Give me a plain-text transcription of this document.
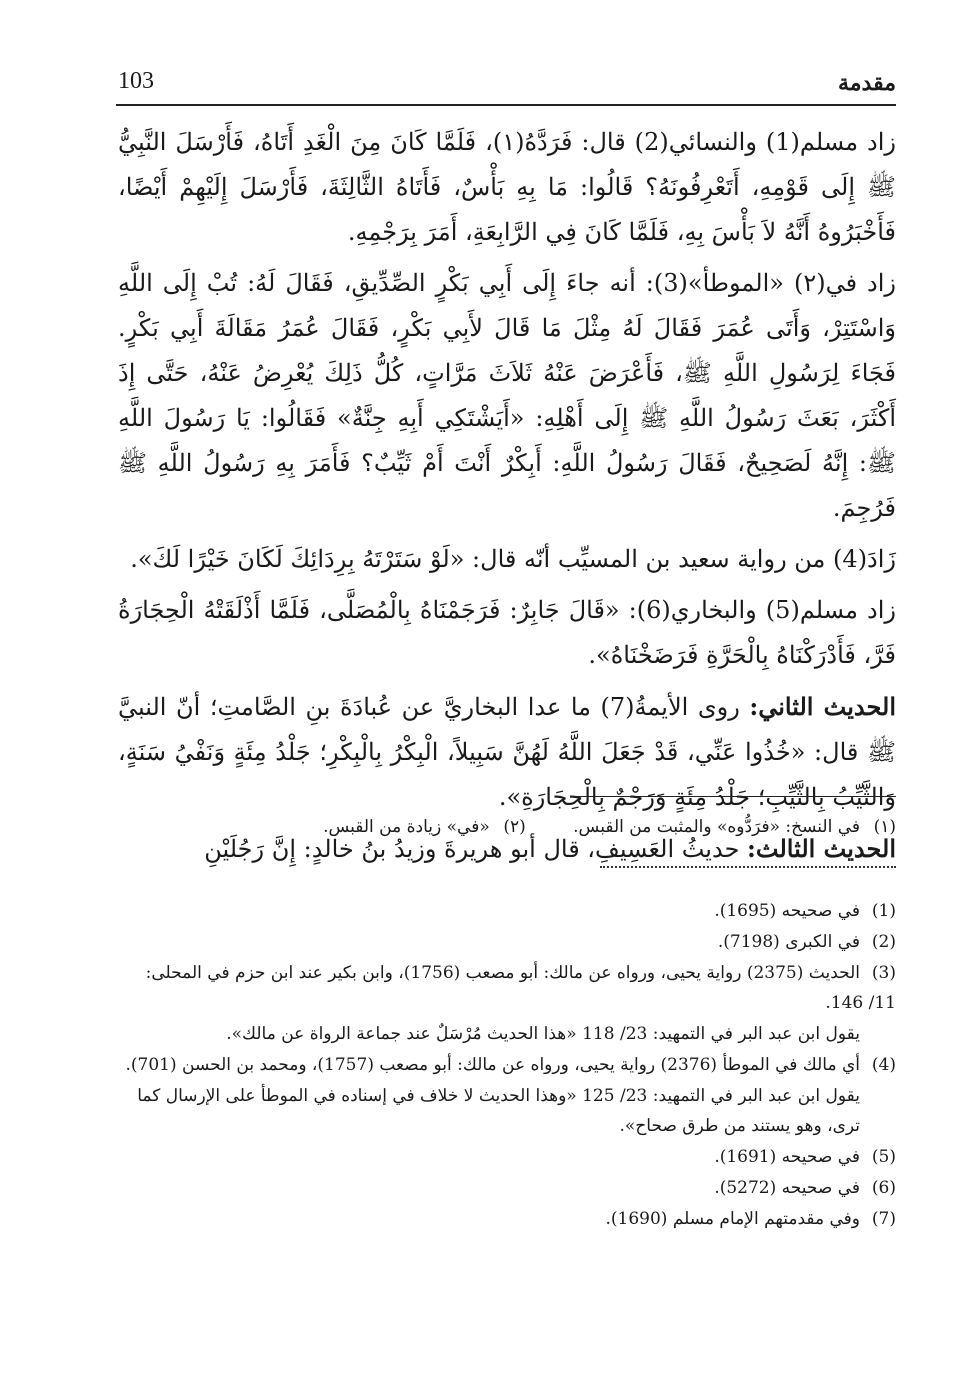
مقدمة
103

زاد مسلم(1) والنسائي(2) قال: فَرَدَّهُ(١)، فَلَمَّا كَانَ مِنَ الْغَدِ أَتَاهُ، فَأَرْسَلَ النَّبِيُّ ﷺ إِلَى قَوْمِهِ، أَتَعْرِفُونَهُ؟ قَالُوا: مَا بِهِ بَأْسٌ، فَأَتَاهُ الثَّالِثَةَ، فَأَرْسَلَ إِلَيْهِمْ أَيْضًا، فَأَخْبَرُوهُ أَنَّهُ لاَ بَأْسَ بِهِ، فَلَمَّا كَانَ فِي الرَّابِعَةِ، أَمَرَ بِرَجْمِهِ.

زاد في(٢) «الموطأ»(3): أنه جاءَ إِلَى أَبِي بَكْرٍ الصِّدِّيقِ، فَقَالَ لَهُ: تُبْ إِلَى اللَّهِ وَاسْتَتِرْ، وَأَتَى عُمَرَ فَقَالَ لَهُ مِثْلَ مَا قَالَ لأَبِي بَكْرٍ، فَقَالَ عُمَرُ مَقَالَةَ أَبِي بَكْرٍ. فَجَاءَ لِرَسُولِ اللَّهِ ﷺ، فَأَعْرَضَ عَنْهُ ثَلاَثَ مَرَّاتٍ، كُلُّ ذَلِكَ يُعْرِضُ عَنْهُ، حَتَّى إِذَ أَكْثَرَ، بَعَثَ رَسُولُ اللَّهِ ﷺ إِلَى أَهْلِهِ: «أَيَشْتَكِي أَبِهِ جِنَّةٌ» فَقَالُوا: يَا رَسُولَ اللَّهِ ﷺ: إِنَّهُ لَصَحِيحٌ، فَقَالَ رَسُولُ اللَّهِ: أَبِكْرٌ أَنْتَ أَمْ ثَيِّبٌ؟ فَأَمَرَ بِهِ رَسُولُ اللَّهِ ﷺ فَرُجِمَ.

زَادَ(4) من رواية سعيد بن المسيِّب أنّه قال: «لَوْ سَتَرْتَهُ بِرِدَائِكَ لَكَانَ خَيْرًا لَكَ».

زاد مسلم(5) والبخاري(6): «قَالَ جَابِرٌ: فَرَجَمْنَاهُ بِالْمُصَلَّى، فَلَمَّا أَذْلَقَتْهُ الْحِجَارَةُ فَرَّ، فَأَدْرَكْنَاهُ بِالْحَرَّةِ فَرَضَخْنَاهُ».

الحديث الثاني: روى الأيمةُ(7) ما عدا البخاريَّ عن عُبادَةَ بنِ الصَّامتِ؛ أنّ النبيَّ ﷺ قال: «خُذُوا عَنِّي، قَدْ جَعَلَ اللَّهُ لَهُنَّ سَبِيلاً، الْبِكْرُ بِالْبِكْرِ؛ جَلْدُ مِئَةٍ وَنَفْيُ سَنَةٍ، وَالثَّيِّبُ بِالثَّيِّبِ؛ جَلْدُ مِئَةٍ وَرَجْمٌ بِالْحِجَارَةِ».

الحديث الثالث: حديثُ العَسِيفِ، قال أبو هريرةَ وزيدُ بنُ خالدٍ: إِنَّ رَجُلَيْنِ

(١)في النسخ: «فرَدُّوه» والمثبت من القبس. (٢)«في» زيادة من القبس.
(1)في صحيحه (1695).
(2)في الكبرى (7198).
(3)الحديث (2375) رواية يحيى، ورواه عن مالك: أبو مصعب (1756)، وابن بكير عند ابن حزم في المحلى: 11/ 146.
يقول ابن عبد البر في التمهيد: 23/ 118 «هذا الحديث مُرْسَلٌ عند جماعة الرواة عن مالك».
(4)أي مالك في الموطأ (2376) رواية يحيى، ورواه عن مالك: أبو مصعب (1757)، ومحمد بن الحسن (701).
يقول ابن عبد البر في التمهيد: 23/ 125 «وهذا الحديث لا خلاف في إسناده في الموطأ على الإرسال كما ترى، وهو يستند من طرق صحاح».
(5)في صحيحه (1691).
(6)في صحيحه (5272).
(7)وفي مقدمتهم الإمام مسلم (1690).
